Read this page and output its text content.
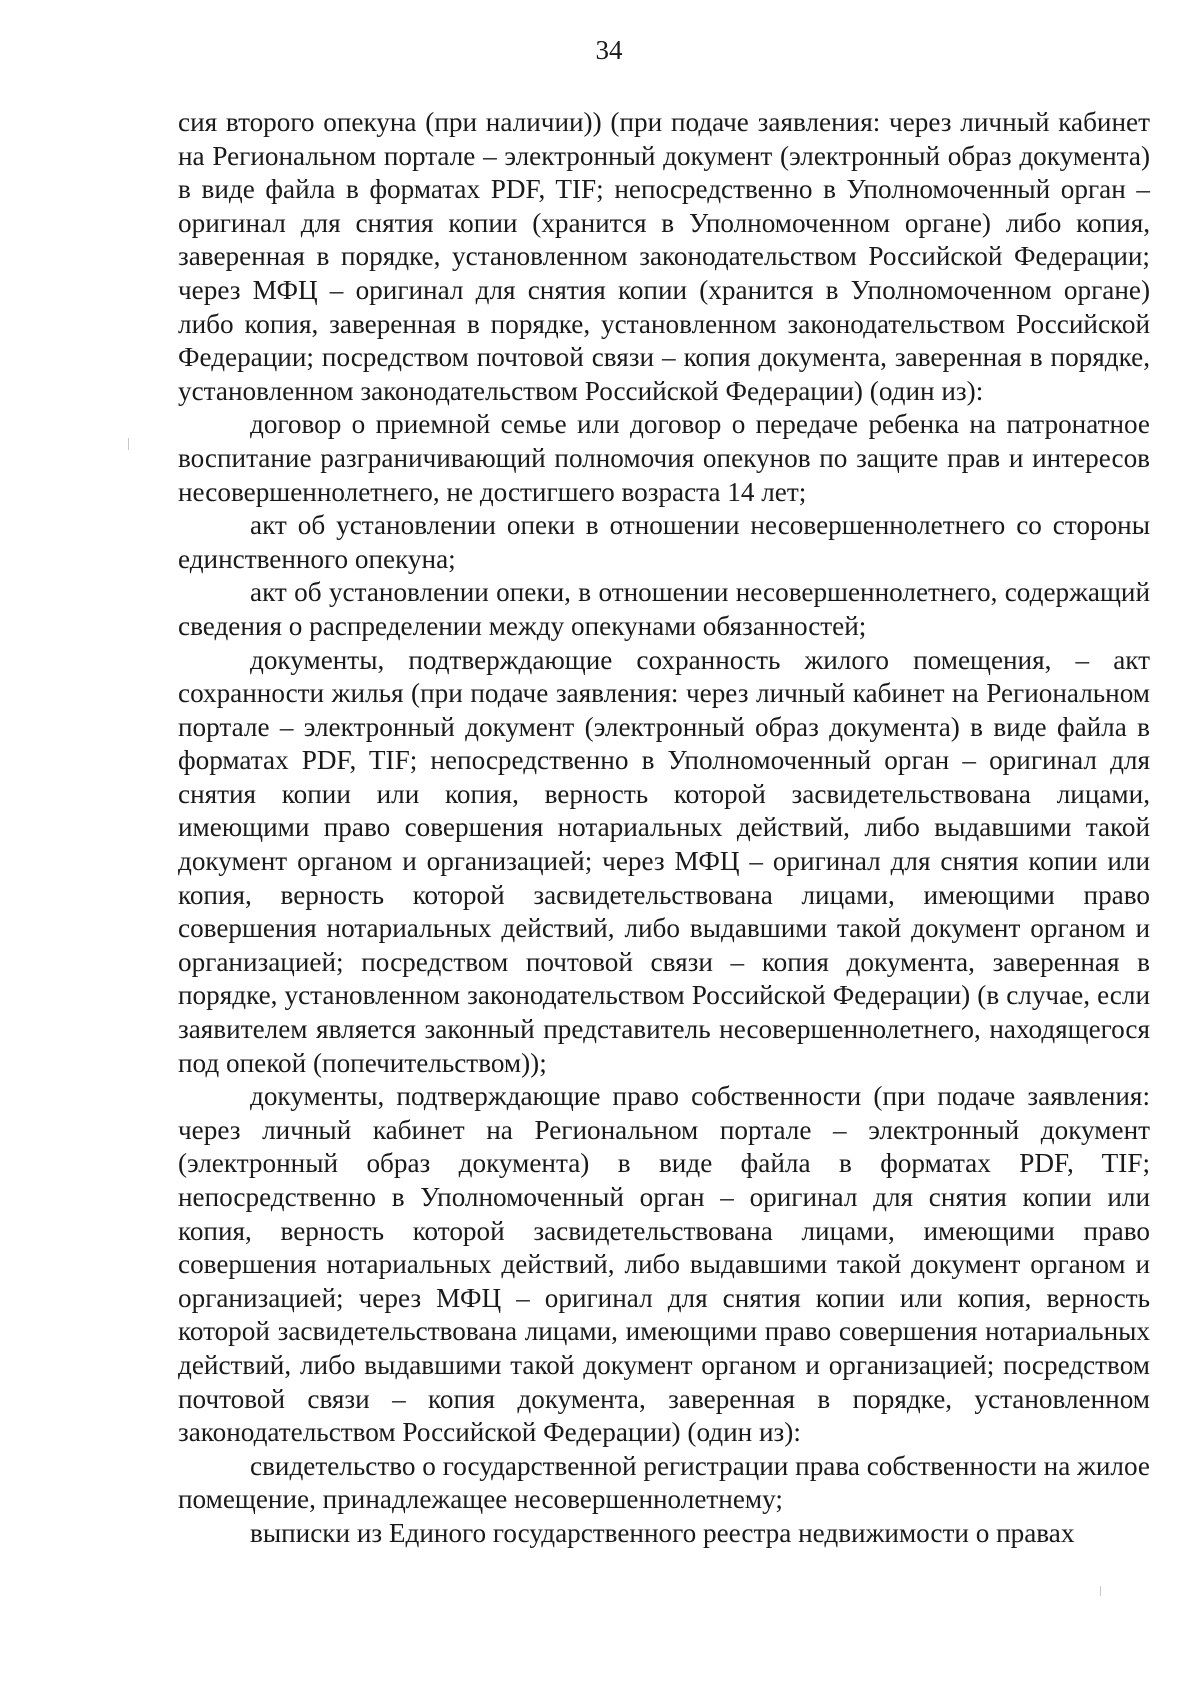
34

сия второго опекуна (при наличии)) (при подаче заявления: через личный кабинет на Региональном портале – электронный документ (электронный образ документа) в виде файла в форматах PDF, TIF; непосредственно в Уполномоченный орган – оригинал для снятия копии (хранится в Уполномоченном органе) либо копия, заверенная в порядке, установленном законодательством Российской Федерации; через МФЦ – оригинал для снятия копии (хранится в Уполномоченном органе) либо копия, заверенная в порядке, установленном законодательством Российской Федерации; посредством почтовой связи – копия документа, заверенная в порядке, установленном законодательством Российской Федерации) (один из):

договор о приемной семье или договор о передаче ребенка на патронатное воспитание разграничивающий полномочия опекунов по защите прав и интересов несовершеннолетнего, не достигшего возраста 14 лет;

акт об установлении опеки в отношении несовершеннолетнего со стороны единственного опекуна;

акт об установлении опеки, в отношении несовершеннолетнего, содержащий сведения о распределении между опекунами обязанностей;

документы, подтверждающие сохранность жилого помещения, – акт сохранности жилья (при подаче заявления: через личный кабинет на Региональном портале – электронный документ (электронный образ документа) в виде файла в форматах PDF, TIF; непосредственно в Уполномоченный орган – оригинал для снятия копии или копия, верность которой засвидетельствована лицами, имеющими право совершения нотариальных действий, либо выдавшими такой документ органом и организацией; через МФЦ – оригинал для снятия копии или копия, верность которой засвидетельствована лицами, имеющими право совершения нотариальных действий, либо выдавшими такой документ органом и организацией; посредством почтовой связи – копия документа, заверенная в порядке, установленном законодательством Российской Федерации) (в случае, если заявителем является законный представитель несовершеннолетнего, находящегося под опекой (попечительством));

документы, подтверждающие право собственности (при подаче заявления: через личный кабинет на Региональном портале – электронный документ (электронный образ документа) в виде файла в форматах PDF, TIF; непосредственно в Уполномоченный орган – оригинал для снятия копии или копия, верность которой засвидетельствована лицами, имеющими право совершения нотариальных действий, либо выдавшими такой документ органом и организацией; через МФЦ – оригинал для снятия копии или копия, верность которой засвидетельствована лицами, имеющими право совершения нотариальных действий, либо выдавшими такой документ органом и организацией; посредством почтовой связи – копия документа, заверенная в порядке, установленном законодательством Российской Федерации) (один из):

свидетельство о государственной регистрации права собственности на жилое помещение, принадлежащее несовершеннолетнему;

выписки из Единого государственного реестра недвижимости о правах
